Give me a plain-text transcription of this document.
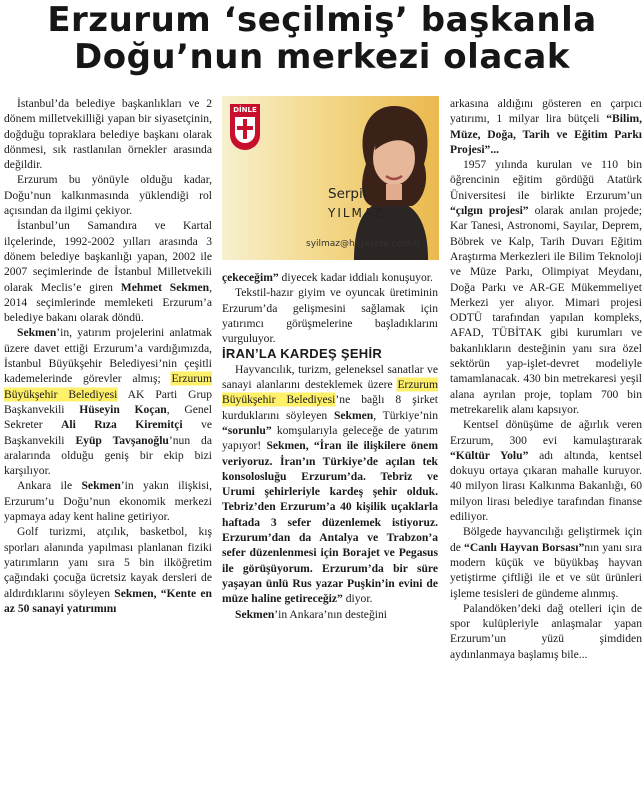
Erzurum ‘seçilmiş’ başkanla
Doğu’nun merkezi olacak

İstanbul’da belediye başkanlıkları ve 2 dönem milletvekilliği yapan bir siyasetçinin, doğduğu topraklara belediye başkanı olarak dönmesi, sık rastlanılan örnekler arasında değildir.

Erzurum bu yönüyle olduğu kadar, Doğu’nun kalkınmasında yüklendiği rol açısından da ilgimi çekiyor.

İstanbul’un Samandıra ve Kartal ilçelerinde, 1992-2002 yılları arasında 3 dönem belediye başkanlığı yapan, 2002 ile 2007 seçimlerinde de İstanbul Milletvekili olarak Meclis’e giren Mehmet Sekmen, 2014 seçimlerinde memleketi Erzurum’a belediye bakanı olarak döndü.

Sekmen’in, yatırım projelerini anlatmak üzere davet ettiği Erzurum’a vardığımızda, İstanbul Büyükşehir Belediyesi’nin çeşitli kademelerinde görevler almış; Erzurum Büyükşehir Belediyesi AK Parti Grup Başkanvekili Hüseyin Koçan, Genel Sekreter Ali Rıza Kiremitçi ve Başkanvekili Eyüp Tavşanoğlu’nun da aralarında olduğu geniş bir ekip bizi karşılıyor.

Ankara ile Sekmen’in yakın ilişkisi, Erzurum’u Doğu’nun ekonomik merkezi yapmaya aday kent haline getiriyor.

Golf turizmi, atçılık, basketbol, kış sporları alanında yapılması planlanan fiziki yatırımların yanı sıra 5 bin ilköğretim çağındaki çocuğa ücretsiz kayak dersleri de aldırdıklarını söyleyen Sekmen, “Kente en az 50 sanayi yatırımını

DİNLE
Serpil
YILMAZ
syilmaz@htgazete.com.tr

çekeceğim” diyecek kadar iddialı konuşuyor.

Tekstil-hazır giyim ve oyuncak üretiminin Erzurum’da gelişmesini sağlamak için yatırımcı görüşmelerine başladıklarını vurguluyor.

İRAN’LA KARDEŞ ŞEHİR

Hayvancılık, turizm, geleneksel sanatlar ve sanayi alanlarını desteklemek üzere Erzurum Büyükşehir Belediyesi’ne bağlı 8 şirket kurduklarını söyleyen Sekmen, Türkiye’nin “sorunlu” komşularıyla geleceğe de yatırım yapıyor! Sekmen, “İran ile ilişkilere önem veriyoruz. İran’ın Türkiye’de açılan tek konsolosluğu Erzurum’da. Tebriz ve Urumi şehirleriyle kardeş şehir olduk. Tebriz’den Erzurum’a 40 kişilik uçaklarla haftada 3 sefer düzenlemek istiyoruz. Erzurum’dan da Antalya ve Trabzon’a sefer düzenlenmesi için Borajet ve Pegasus ile görüşüyorum. Erzurum’da bir süre yaşayan ünlü Rus yazar Puşkin’in evini de müze haline getireceğiz” diyor.

Sekmen’in Ankara’nın desteğini

arkasına aldığını gösteren en çarpıcı yatırımı, 1 milyar lira bütçeli “Bilim, Müze, Doğa, Tarih ve Eğitim Parkı Projesi”...

1957 yılında kurulan ve 110 bin öğrencinin eğitim gördüğü Atatürk Üniversitesi ile birlikte Erzurum’un “çılgın projesi” olarak anılan projede; Kar Tanesi, Astronomi, Sayılar, Deprem, Böbrek ve Kalp, Tarih Duvarı Eğitim Araştırma Merkezleri ile Bilim Teknoloji ve Müze Parkı, Olimpiyat Meydanı, Doğa Parkı ve AR-GE Mükemmeliyet Merkezi yer alıyor. Mimari projesi ODTÜ tarafından yapılan kompleks, AFAD, TÜBİTAK gibi kurumları ve bakanlıkların desteğinin yanı sıra özel sektörün yap-işlet-devret modeliyle tamamlanacak. 430 bin metrekaresi yeşil alana ayrılan proje, toplam 700 bin metrekarelik alanı kapsıyor.

Kentsel dönüşüme de ağırlık veren Erzurum, 300 evi kamulaştırarak “Kültür Yolu” adı altında, kentsel dokuyu ortaya çıkaran mahalle kuruyor. 40 milyon lirası Kalkınma Bakanlığı, 60 milyon lirası belediye tarafından finanse ediliyor.

Bölgede hayvancılığı geliştirmek için de “Canlı Hayvan Borsası”nın yanı sıra modern küçük ve büyükbaş hayvan yetiştirme çiftliği ile et ve süt ürünleri işleme tesisleri de gündeme alınmış.

Palandöken’deki dağ otelleri için de spor kulüpleriyle anlaşmalar yapan Erzurum’un yüzü şimdiden aydınlanmaya başlamış bile...
